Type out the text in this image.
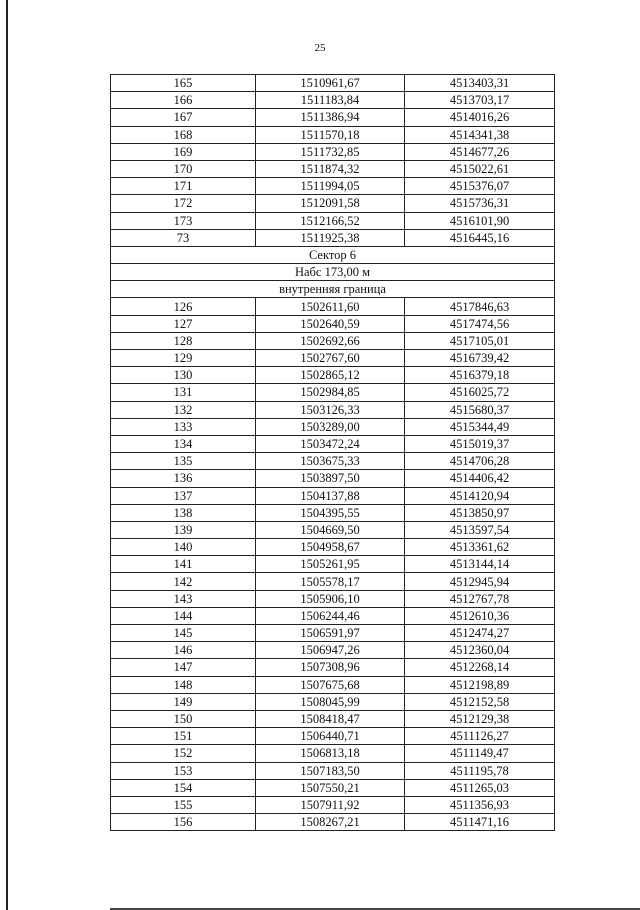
25
165	1510961,67	4513403,31
166	1511183,84	4513703,17
167	1511386,94	4514016,26
168	1511570,18	4514341,38
169	1511732,85	4514677,26
170	1511874,32	4515022,61
171	1511994,05	4515376,07
172	1512091,58	4515736,31
173	1512166,52	4516101,90
73	1511925,38	4516445,16
Сектор 6		
Набс 173,00 м		
внутренняя граница		
126	1502611,60	4517846,63
127	1502640,59	4517474,56
128	1502692,66	4517105,01
129	1502767,60	4516739,42
130	1502865,12	4516379,18
131	1502984,85	4516025,72
132	1503126,33	4515680,37
133	1503289,00	4515344,49
134	1503472,24	4515019,37
135	1503675,33	4514706,28
136	1503897,50	4514406,42
137	1504137,88	4514120,94
138	1504395,55	4513850,97
139	1504669,50	4513597,54
140	1504958,67	4513361,62
141	1505261,95	4513144,14
142	1505578,17	4512945,94
143	1505906,10	4512767,78
144	1506244,46	4512610,36
145	1506591,97	4512474,27
146	1506947,26	4512360,04
147	1507308,96	4512268,14
148	1507675,68	4512198,89
149	1508045,99	4512152,58
150	1508418,47	4512129,38
151	1506440,71	4511126,27
152	1506813,18	4511149,47
153	1507183,50	4511195,78
154	1507550,21	4511265,03
155	1507911,92	4511356,93
156	1508267,21	4511471,16
